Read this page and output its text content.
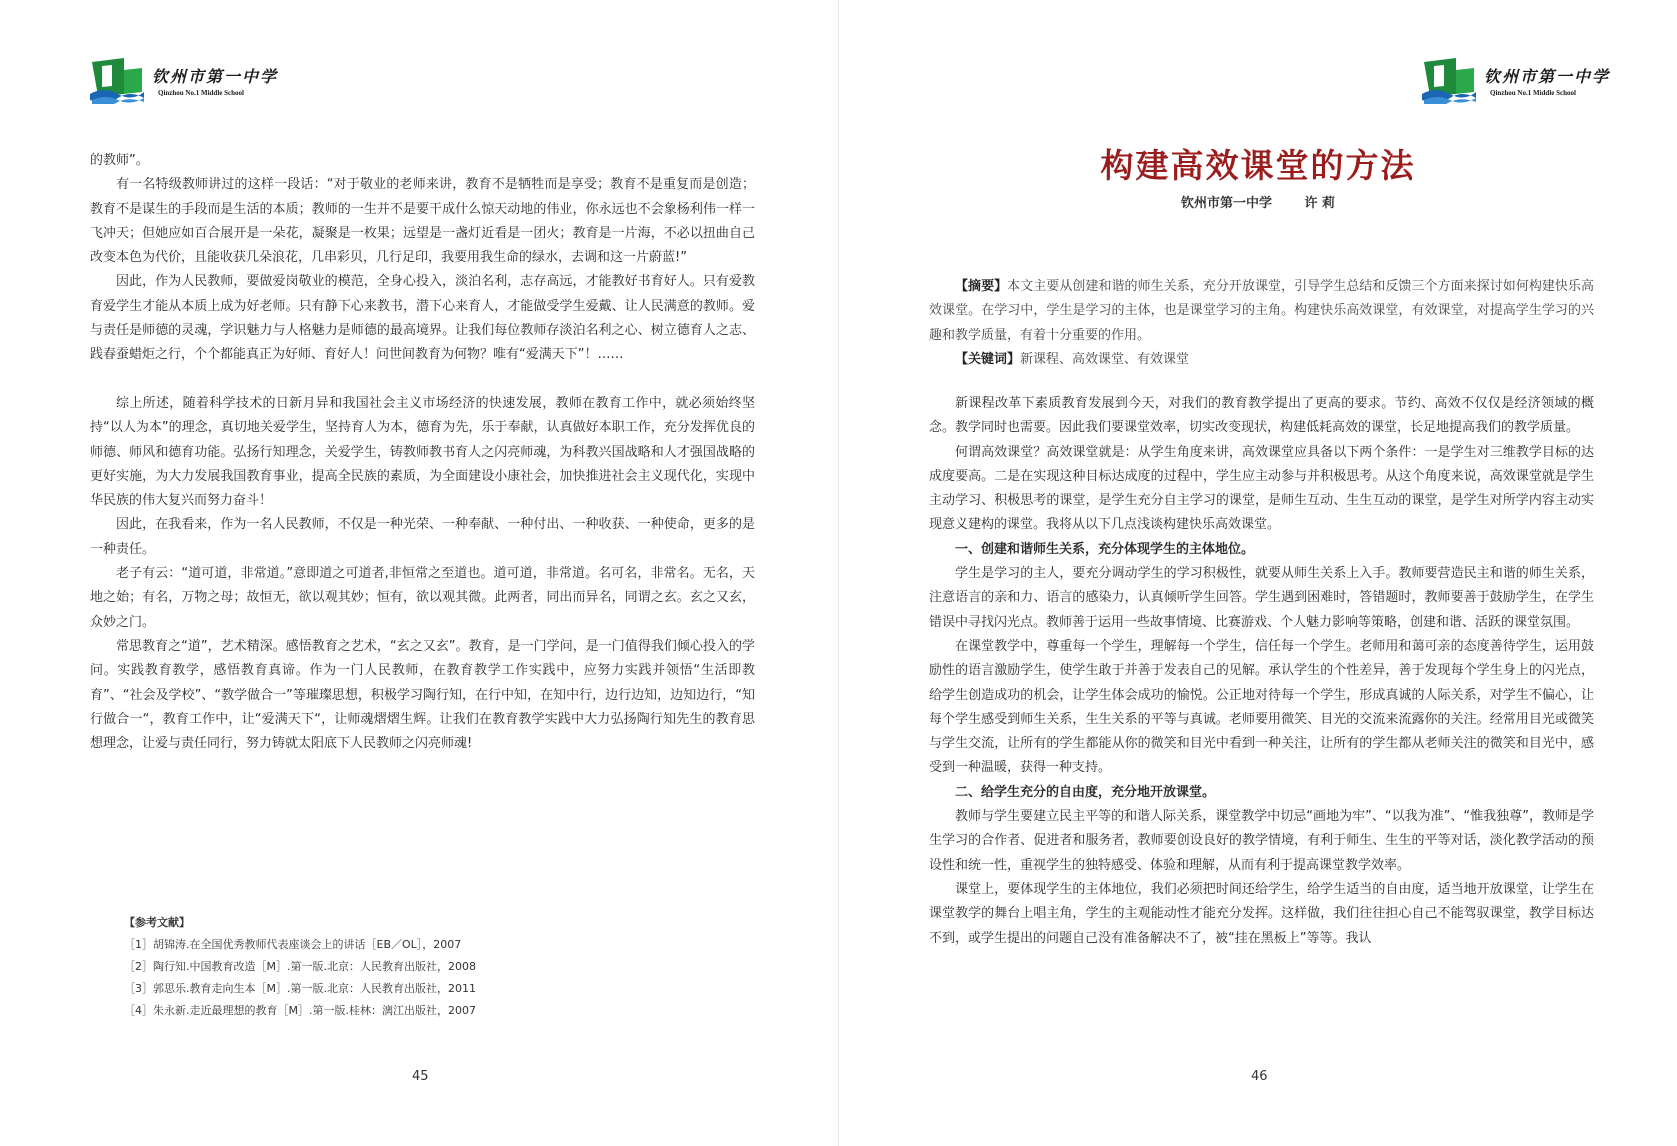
钦州市第一中学
Qinzhou No.1 Middle School

的教师”。

有一名特级教师讲过的这样一段话：“对于敬业的老师来讲，教育不是牺牲而是享受；教育不是重复而是创造；教育不是谋生的手段而是生活的本质；教师的一生并不是要干成什么惊天动地的伟业，你永远也不会象杨利伟一样一飞冲天；但她应如百合展开是一朵花，凝聚是一枚果；远望是一盏灯近看是一团火；教育是一片海，不必以扭曲自己改变本色为代价，且能收获几朵浪花，几串彩贝，几行足印，我要用我生命的绿水，去调和这一片蔚蓝!”

因此，作为人民教师，要做爱岗敬业的模范，全身心投入，淡泊名利，志存高远，才能教好书育好人。只有爱教育爱学生才能从本质上成为好老师。只有静下心来教书，潜下心来育人，才能做受学生爱戴、让人民满意的教师。爱与责任是师德的灵魂，学识魅力与人格魅力是师德的最高境界。让我们每位教师存淡泊名利之心、树立德育人之志、践春蚕蜡炬之行，个个都能真正为好师、育好人！问世间教育为何物？唯有“爱满天下”！……

综上所述，随着科学技术的日新月异和我国社会主义市场经济的快速发展，教师在教育工作中，就必须始终坚持“以人为本”的理念，真切地关爱学生，坚持育人为本，德育为先，乐于奉献，认真做好本职工作，充分发挥优良的师德、师风和德育功能。弘扬行知理念，关爱学生，铸教师教书育人之闪亮师魂，为科教兴国战略和人才强国战略的更好实施，为大力发展我国教育事业，提高全民族的素质，为全面建设小康社会，加快推进社会主义现代化，实现中华民族的伟大复兴而努力奋斗！

因此，在我看来，作为一名人民教师，不仅是一种光荣、一种奉献、一种付出、一种收获、一种使命，更多的是一种责任。

老子有云：“道可道，非常道。”意即道之可道者,非恒常之至道也。道可道，非常道。名可名，非常名。无名，天地之始；有名，万物之母；故恒无，欲以观其妙；恒有，欲以观其微。此两者，同出而异名，同谓之玄。玄之又玄，众妙之门。

常思教育之“道”，艺术精深。感悟教育之艺术，“玄之又玄”。教育，是一门学问，是一门值得我们倾心投入的学问。实践教育教学，感悟教育真谛。作为一门人民教师，在教育教学工作实践中，应努力实践并领悟“生活即教育”、“社会及学校”、“教学做合一”等璀璨思想，积极学习陶行知，在行中知，在知中行，边行边知，边知边行，“知行做合一“，教育工作中，让“爱满天下“，让师魂熠熠生辉。让我们在教育教学实践中大力弘扬陶行知先生的教育思想理念，让爱与责任同行，努力铸就太阳底下人民教师之闪亮师魂!

【参考文献】
［1］胡锦涛.在全国优秀教师代表座谈会上的讲话［EB／OL］，2007
［2］陶行知.中国教育改造［M］.第一版.北京：人民教育出版社，2008
［3］郭思乐.教育走向生本［M］.第一版.北京：人民教育出版社，2011
［4］朱永新.走近最理想的教育［M］.第一版.桂林：漓江出版社，2007
45
钦州市第一中学
Qinzhou No.1 Middle School
构建高效课堂的方法
钦州市第一中学	许 莉

【摘要】本文主要从创建和谐的师生关系，充分开放课堂，引导学生总结和反馈三个方面来探讨如何构建快乐高效课堂。在学习中，学生是学习的主体，也是课堂学习的主角。构建快乐高效课堂，有效课堂，对提高学生学习的兴趣和教学质量，有着十分重要的作用。

【关键词】新课程、高效课堂、有效课堂

新课程改革下素质教育发展到今天，对我们的教育教学提出了更高的要求。节约、高效不仅仅是经济领域的概念。教学同时也需要。因此我们要课堂效率，切实改变现状，构建低耗高效的课堂，长足地提高我们的教学质量。

何谓高效课堂？高效课堂就是：从学生角度来讲，高效课堂应具备以下两个条件：一是学生对三维教学目标的达成度要高。二是在实现这种目标达成度的过程中，学生应主动参与并积极思考。从这个角度来说，高效课堂就是学生主动学习、积极思考的课堂，是学生充分自主学习的课堂，是师生互动、生生互动的课堂，是学生对所学内容主动实现意义建构的课堂。我将从以下几点浅谈构建快乐高效课堂。

一、创建和谐师生关系，充分体现学生的主体地位。

学生是学习的主人，要充分调动学生的学习积极性，就要从师生关系上入手。教师要营造民主和谐的师生关系，注意语言的亲和力、语言的感染力，认真倾听学生回答。学生遇到困难时，答错题时，教师要善于鼓励学生，在学生错误中寻找闪光点。教师善于运用一些故事情境、比赛游戏、个人魅力影响等策略，创建和谐、活跃的课堂氛围。

在课堂教学中，尊重每一个学生，理解每一个学生，信任每一个学生。老师用和蔼可亲的态度善待学生，运用鼓励性的语言激励学生，使学生敢于并善于发表自己的见解。承认学生的个性差异，善于发现每个学生身上的闪光点，给学生创造成功的机会，让学生体会成功的愉悦。公正地对待每一个学生，形成真诚的人际关系，对学生不偏心，让每个学生感受到师生关系，生生关系的平等与真诚。老师要用微笑、目光的交流来流露你的关注。经常用目光或微笑与学生交流，让所有的学生都能从你的微笑和目光中看到一种关注，让所有的学生都从老师关注的微笑和目光中，感受到一种温暖，获得一种支持。

二、给学生充分的自由度，充分地开放课堂。

教师与学生要建立民主平等的和谐人际关系，课堂教学中切忌“画地为牢”、“以我为准”、“惟我独尊”，教师是学生学习的合作者、促进者和服务者，教师要创设良好的教学情境，有利于师生、生生的平等对话，淡化教学活动的预设性和统一性，重视学生的独特感受、体验和理解，从而有利于提高课堂教学效率。

课堂上，要体现学生的主体地位，我们必须把时间还给学生，给学生适当的自由度，适当地开放课堂，让学生在课堂教学的舞台上唱主角，学生的主观能动性才能充分发挥。这样做，我们往往担心自己不能驾驭课堂，教学目标达不到，或学生提出的问题自己没有准备解决不了，被“挂在黑板上”等等。我认

46
